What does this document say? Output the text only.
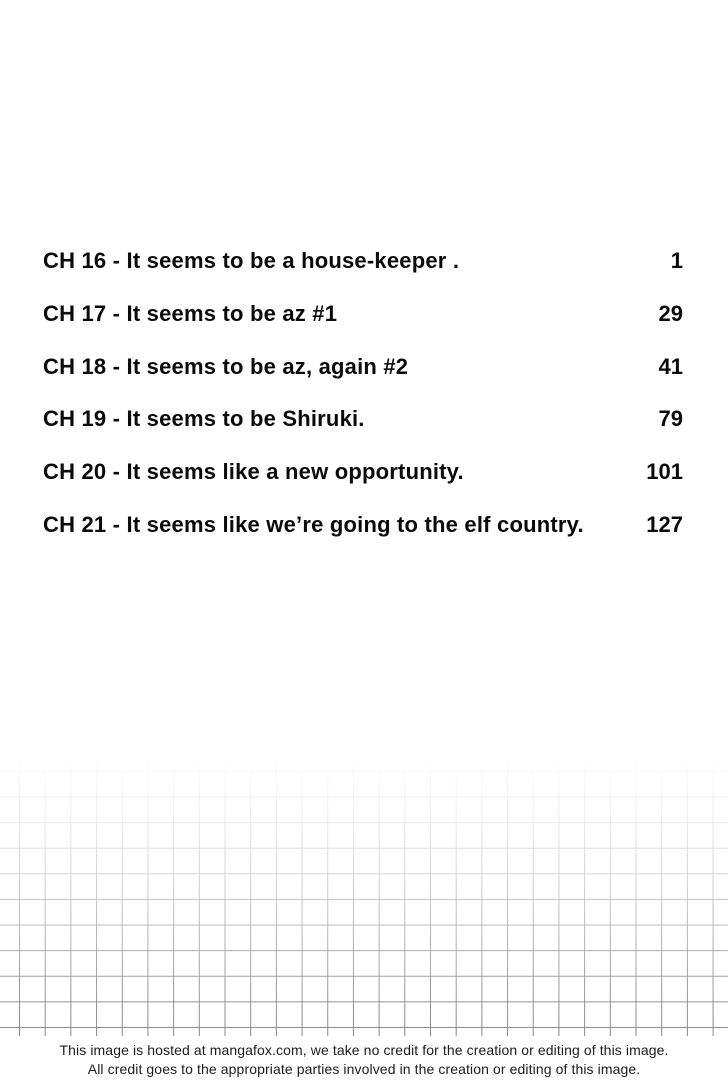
CH 16 - It seems to be a house-keeper .	1
CH 17 - It seems to be az #1	29
CH 18 - It seems to be az, again #2	41
CH 19 - It seems to be Shiruki.	79
CH 20 - It seems like a new opportunity.	101
CH 21 - It seems like we’re going to the elf country.	127
This image is hosted at mangafox.com, we take no credit for the creation or editing of this image.
All credit goes to the appropriate parties involved in the creation or editing of this image.
